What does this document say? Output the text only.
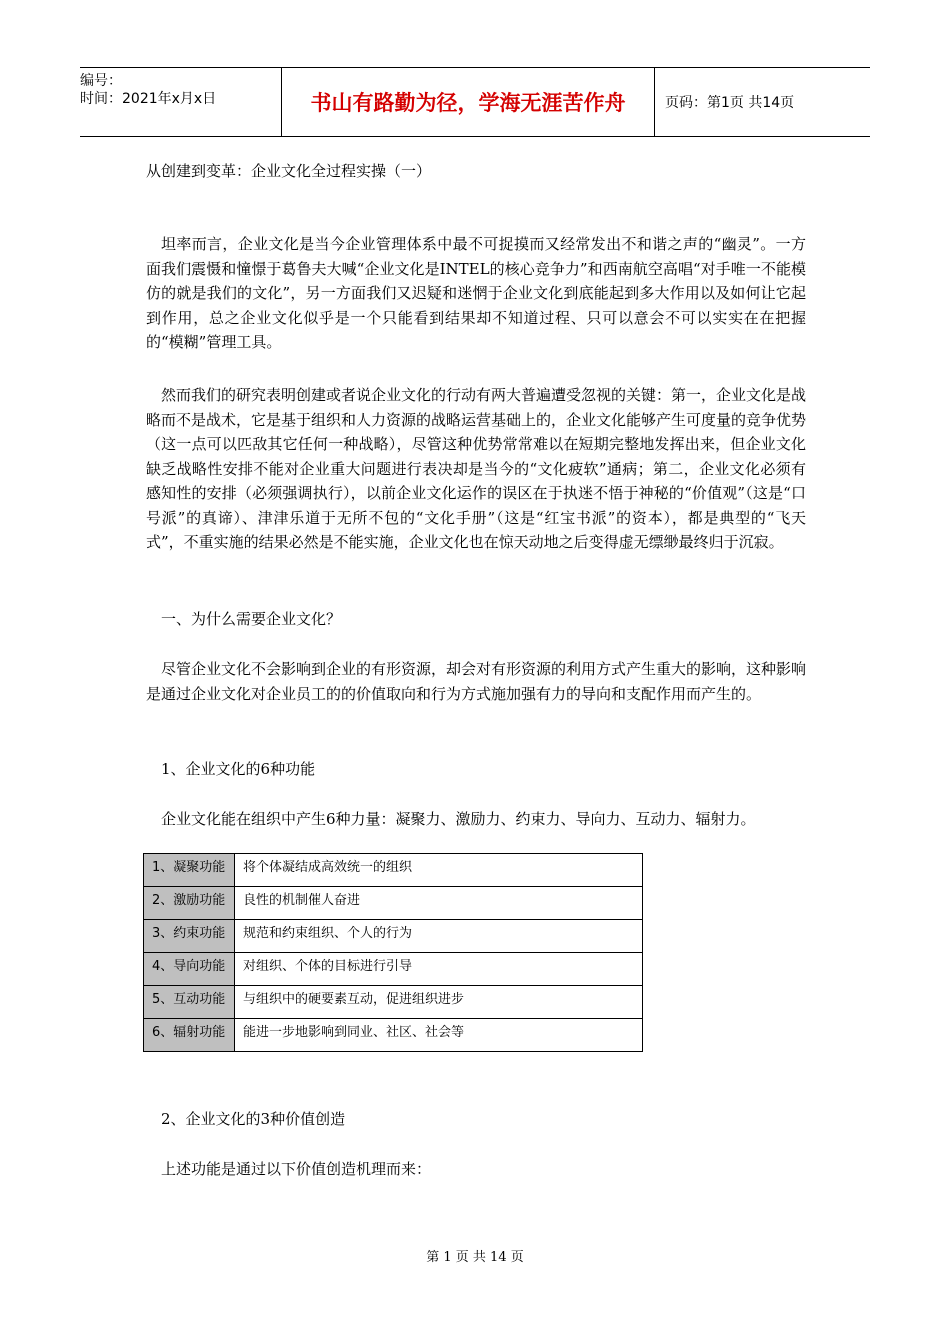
编号：
时间：2021年x月x日	书山有路勤为径，学海无涯苦作舟	页码：第1页 共14页
从创建到变革：企业文化全过程实操（一）
坦率而言，企业文化是当今企业管理体系中最不可捉摸而又经常发出不和谐之声的“幽灵”。一方面我们震慑和憧憬于葛鲁夫大喊“企业文化是INTEL的核心竞争力”和西南航空高唱“对手唯一不能模仿的就是我们的文化”，另一方面我们又迟疑和迷惘于企业文化到底能起到多大作用以及如何让它起到作用，总之企业文化似乎是一个只能看到结果却不知道过程、只可以意会不可以实实在在把握的“模糊”管理工具。
然而我们的研究表明创建或者说企业文化的行动有两大普遍遭受忽视的关键：第一，企业文化是战略而不是战术，它是基于组织和人力资源的战略运营基础上的，企业文化能够产生可度量的竞争优势（这一点可以匹敌其它任何一种战略），尽管这种优势常常难以在短期完整地发挥出来，但企业文化缺乏战略性安排不能对企业重大问题进行表决却是当今的“文化疲软”通病；第二，企业文化必须有感知性的安排（必须强调执行），以前企业文化运作的误区在于执迷不悟于神秘的“价值观”（这是“口号派”的真谛）、津津乐道于无所不包的“文化手册”（这是“红宝书派”的资本），都是典型的“飞天式”，不重实施的结果必然是不能实施，企业文化也在惊天动地之后变得虚无缥缈最终归于沉寂。
一、为什么需要企业文化？
尽管企业文化不会影响到企业的有形资源，却会对有形资源的利用方式产生重大的影响，这种影响是通过企业文化对企业员工的的价值取向和行为方式施加强有力的导向和支配作用而产生的。
1、企业文化的6种功能
企业文化能在组织中产生6种力量：凝聚力、激励力、约束力、导向力、互动力、辐射力。
1、凝聚功能	将个体凝结成高效统一的组织
2、激励功能	良性的机制催人奋进
3、约束功能	规范和约束组织、个人的行为
4、导向功能	对组织、个体的目标进行引导
5、互动功能	与组织中的硬要素互动，促进组织进步
6、辐射功能	能进一步地影响到同业、社区、社会等
2、企业文化的3种价值创造
上述功能是通过以下价值创造机理而来：
第 1 页 共 14 页
